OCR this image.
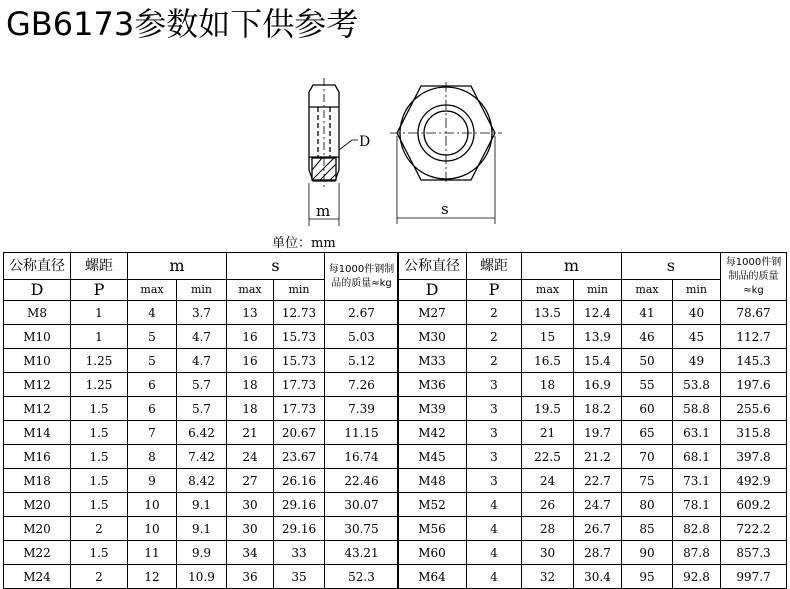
GB6173参数如下供参考
D
m	s
单位：mm
公称直径	螺距	m		s		每1000件钢制品的质量≈kg
D	P	max	min	max	min	
M8	1	4	3.7	13	12.73	2.67
M10	1	5	4.7	16	15.73	5.03
M10	1.25	5	4.7	16	15.73	5.12
M12	1.25	6	5.7	18	17.73	7.26
M12	1.5	6	5.7	18	17.73	7.39
M14	1.5	7	6.42	21	20.67	11.15
M16	1.5	8	7.42	24	23.67	16.74
M18	1.5	9	8.42	27	26.16	22.46
M20	1.5	10	9.1	30	29.16	30.07
M20	2	10	9.1	30	29.16	30.75
M22	1.5	11	9.9	34	33	43.21
M24	2	12	10.9	36	35	52.3
公称直径	螺距	m		s		每1000件钢制品的质量≈kg
D	P	max	min	max	min	
M27	2	13.5	12.4	41	40	78.67
M30	2	15	13.9	46	45	112.7
M33	2	16.5	15.4	50	49	145.3
M36	3	18	16.9	55	53.8	197.6
M39	3	19.5	18.2	60	58.8	255.6
M42	3	21	19.7	65	63.1	315.8
M45	3	22.5	21.2	70	68.1	397.8
M48	3	24	22.7	75	73.1	492.9
M52	4	26	24.7	80	78.1	609.2
M56	4	28	26.7	85	82.8	722.2
M60	4	30	28.7	90	87.8	857.3
M64	4	32	30.4	95	92.8	997.7
